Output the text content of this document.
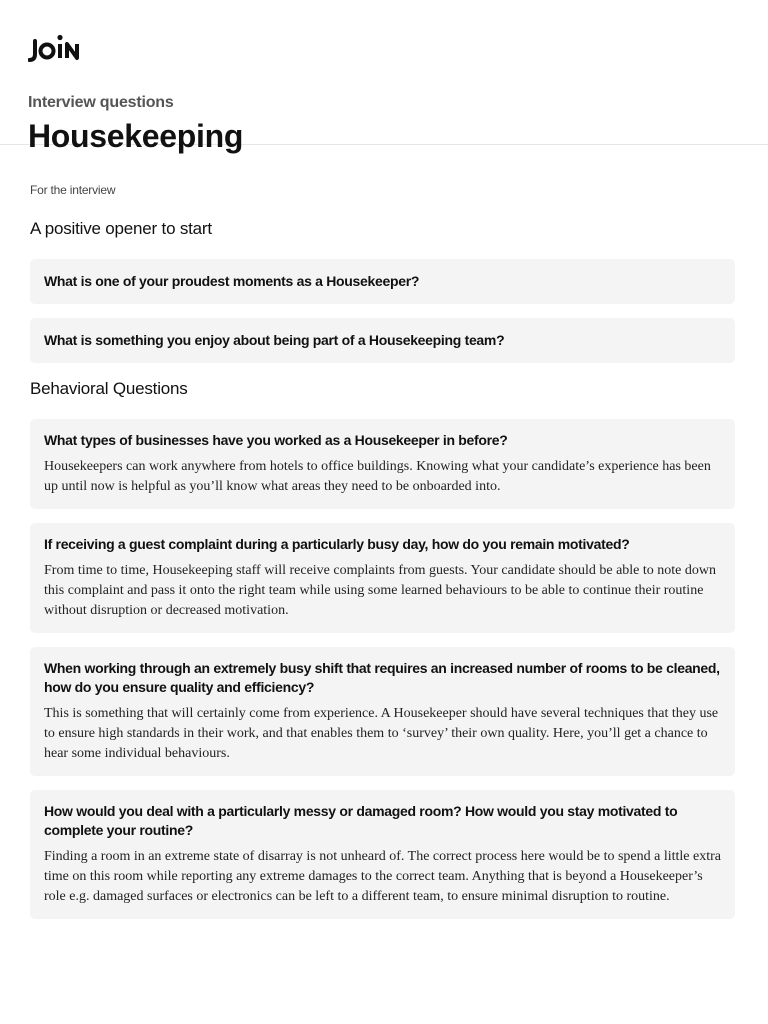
Interview questions
Housekeeping
For the interview
A positive opener to start
What is one of your proudest moments as a Housekeeper?
What is something you enjoy about being part of a Housekeeping team?
Behavioral Questions
What types of businesses have you worked as a Housekeeper in before?
Housekeepers can work anywhere from hotels to office buildings. Knowing what your candidate’s experience has been up until now is helpful as you’ll know what areas they need to be onboarded into.
If receiving a guest complaint during a particularly busy day, how do you remain motivated?
From time to time, Housekeeping staff will receive complaints from guests. Your candidate should be able to note down this complaint and pass it onto the right team while using some learned behaviours to be able to continue their routine without disruption or decreased motivation.
When working through an extremely busy shift that requires an increased number of rooms to be cleaned, how do you ensure quality and efficiency?
This is something that will certainly come from experience. A Housekeeper should have several techniques that they use to ensure high standards in their work, and that enables them to ‘survey’ their own quality. Here, you’ll get a chance to hear some individual behaviours.
How would you deal with a particularly messy or damaged room? How would you stay motivated to complete your routine?
Finding a room in an extreme state of disarray is not unheard of. The correct process here would be to spend a little extra time on this room while reporting any extreme damages to the correct team. Anything that is beyond a Housekeeper’s role e.g. damaged surfaces or electronics can be left to a different team, to ensure minimal disruption to routine.
